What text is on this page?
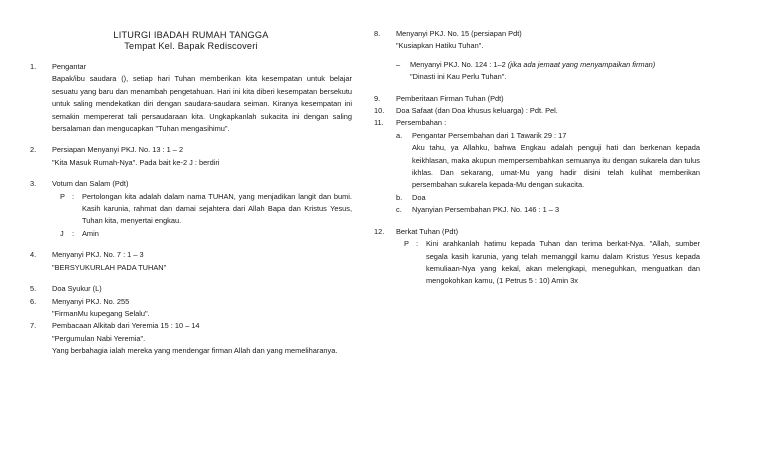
LITURGI IBADAH RUMAH TANGGA
Tempat Kel. Bapak Rediscoveri
1. Pengantar
Bapak/ibu saudara (), setiap hari Tuhan memberikan kita kesempatan untuk belajar sesuatu yang baru dan menambah pengetahuan. Hari ini kita diberi kesempatan bersekutu untuk saling mendekatkan diri dengan saudara-saudara seiman. Kiranya kesempatan ini semakin mempererat tali persaudaraan kita. Ungkapkanlah sukacita ini dengan saling bersalaman dan mengucapkan "Tuhan mengasihimu".
2. Persiapan Menyanyi PKJ. No. 13 : 1 – 2
"Kita Masuk Rumah-Nya". Pada bait ke-2 J : berdiri
3. Votum dan Salam (Pdt)
P : Pertolongan kita adalah dalam nama TUHAN, yang menjadikan langit dan bumi. Kasih karunia, rahmat dan damai sejahtera dari Allah Bapa dan Kristus Yesus, Tuhan kita, menyertai engkau.
J : Amin
4. Menyanyi PKJ. No. 7 : 1 – 3
"BERSYUKURLAH PADA TUHAN"
5. Doa Syukur (L)
6. Menyanyi PKJ. No. 255
"FirmanMu kupegang Selalu".
7. Pembacaan Alkitab dari Yeremia 15 : 10 – 14
"Pergumulan Nabi Yeremia".
Yang berbahagia ialah mereka yang mendengar firman Allah dan yang memeliharanya.
8. Menyanyi PKJ. No. 15 (persiapan Pdt)
"Kusiapkan Hatiku Tuhan".
– Menyanyi PKJ. No. 124 : 1–2 (jika ada jemaat yang menyampaikan firman)
"Dinasti ini Kau Perlu Tuhan".
9. Pemberitaan Firman Tuhan (Pdt)
10. Doa Safaat (dan Doa khusus keluarga) : Pdt. Pel.
11. Persembahan :
a. Pengantar Persembahan dari 1 Tawarik 29 : 17
Aku tahu, ya Allahku, bahwa Engkau adalah penguji hati dan berkenan kepada keikhlasan, maka akupun mempersembahkan semuanya itu dengan sukarela dan tulus ikhlas. Dan sekarang, umat-Mu yang hadir disini telah kulihat memberikan persembahan sukarela kepada-Mu dengan sukacita.
b. Doa
c. Nyanyian Persembahan PKJ. No. 146 : 1 – 3
12. Berkat Tuhan (Pdt)
P : Kini arahkanlah hatimu kepada Tuhan dan terima berkat-Nya. "Allah, sumber segala kasih karunia, yang telah memanggil kamu dalam Kristus Yesus kepada kemuliaan-Nya yang kekal, akan melengkapi, meneguhkan, menguatkan dan mengokohkan kamu, (1 Petrus 5 : 10) Amin 3x
